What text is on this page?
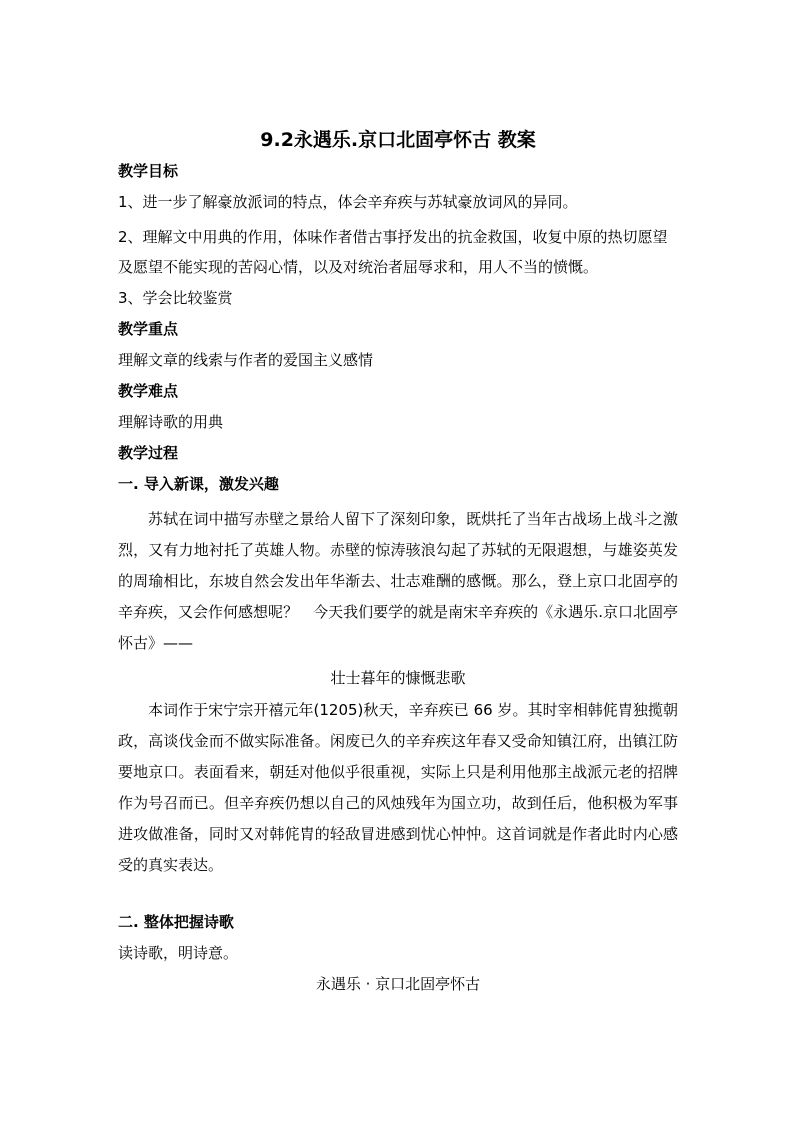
9.2永遇乐.京口北固亭怀古 教案
教学目标
1、进一步了解豪放派词的特点，体会辛弃疾与苏轼豪放词风的异同。
2、理解文中用典的作用，体味作者借古事抒发出的抗金救国，收复中原的热切愿望及愿望不能实现的苦闷心情，以及对统治者屈辱求和，用人不当的愤慨。
3、学会比较鉴赏
教学重点
理解文章的线索与作者的爱国主义感情
教学难点
理解诗歌的用典
教学过程
一. 导入新课，激发兴趣
苏轼在词中描写赤壁之景给人留下了深刻印象，既烘托了当年古战场上战斗之激烈，又有力地衬托了英雄人物。赤壁的惊涛骇浪勾起了苏轼的无限遐想，与雄姿英发的周瑜相比，东坡自然会发出年华渐去、壮志难酬的感慨。那么，登上京口北固亭的辛弃疾，又会作何感想呢？　今天我们要学的就是南宋辛弃疾的《永遇乐.京口北固亭怀古》——
壮士暮年的慷慨悲歌
本词作于宋宁宗开禧元年(1205)秋天，辛弃疾已 66 岁。其时宰相韩侂胄独揽朝政，高谈伐金而不做实际准备。闲废已久的辛弃疾这年春又受命知镇江府，出镇江防要地京口。表面看来，朝廷对他似乎很重视，实际上只是利用他那主战派元老的招牌作为号召而已。但辛弃疾仍想以自己的风烛残年为国立功，故到任后，他积极为军事进攻做准备，同时又对韩侂胄的轻敌冒进感到忧心忡忡。这首词就是作者此时内心感受的真实表达。
二. 整体把握诗歌
读诗歌，明诗意。
永遇乐 · 京口北固亭怀古
